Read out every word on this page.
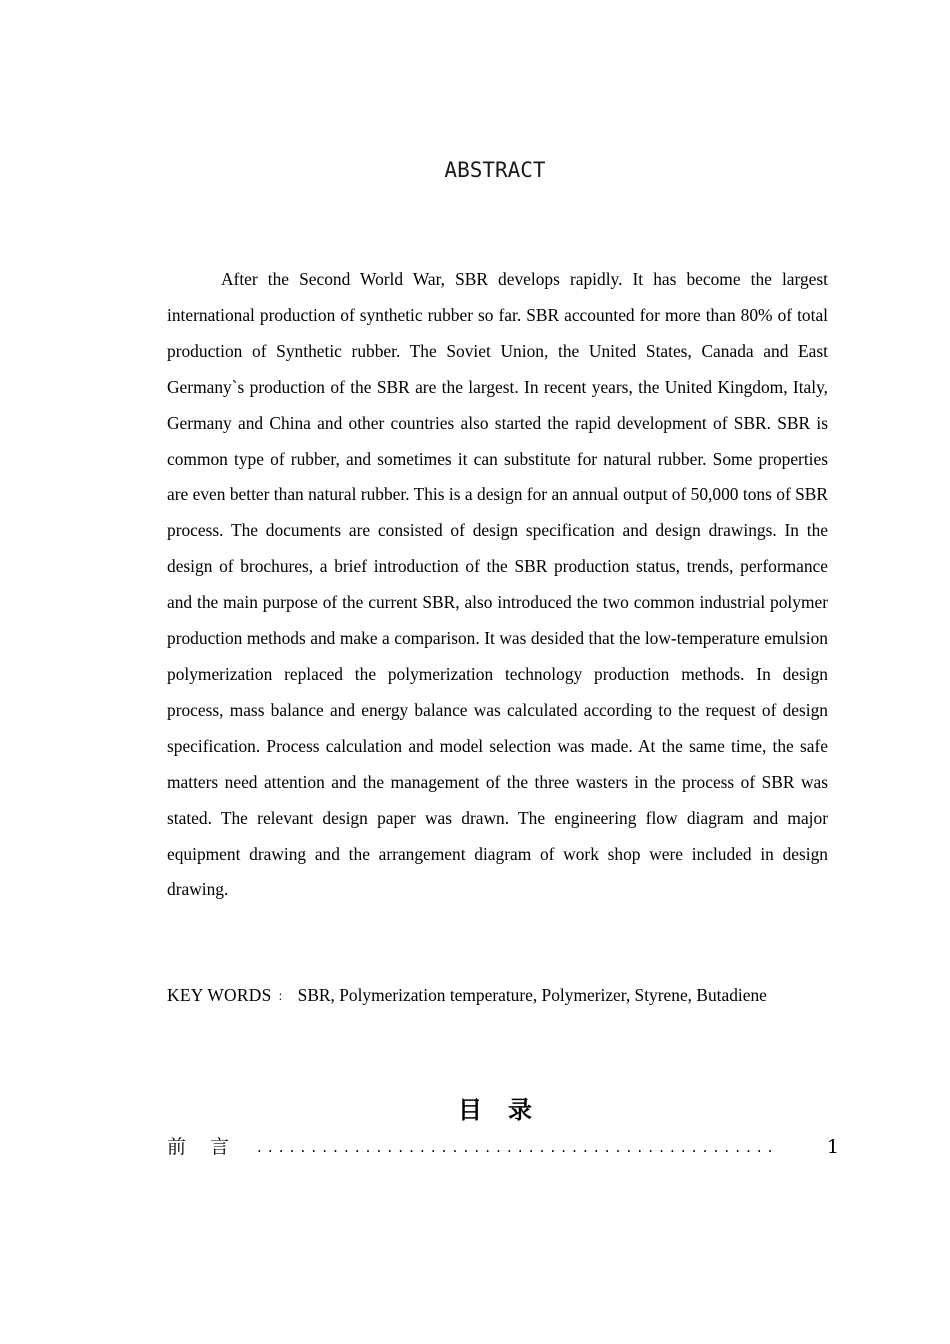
ABSTRACT

After the Second World War, SBR develops rapidly. It has become the largest international production of synthetic rubber so far. SBR accounted for more than 80% of total production of Synthetic rubber. The Soviet Union, the United States, Canada and East Germany`s production of the SBR are the largest. In recent years, the United Kingdom, Italy, Germany and China and other countries also started the rapid development of SBR. SBR is common type of rubber, and sometimes it can substitute for natural rubber. Some properties are even better than natural rubber. This is a design for an annual output of 50,000 tons of SBR process. The documents are consisted of design specification and design drawings. In the design of brochures, a brief introduction of the SBR production status, trends, performance and the main purpose of the current SBR, also introduced the two common industrial polymer production methods and make a comparison. It was desided that the low-temperature emulsion polymerization replaced the polymerization technology production methods. In design process, mass balance and energy balance was calculated according to the request of design specification. Process calculation and model selection was made. At the same time, the safe matters need attention and the management of the three wasters in the process of SBR was stated. The relevant design paper was drawn. The engineering flow diagram and major equipment drawing and the arrangement diagram of work shop were included in design drawing.

KEY WORDS ： SBR, Polymerization temperature, Polymerizer, Styrene, Butadiene
目录
前言 ................................................	1
